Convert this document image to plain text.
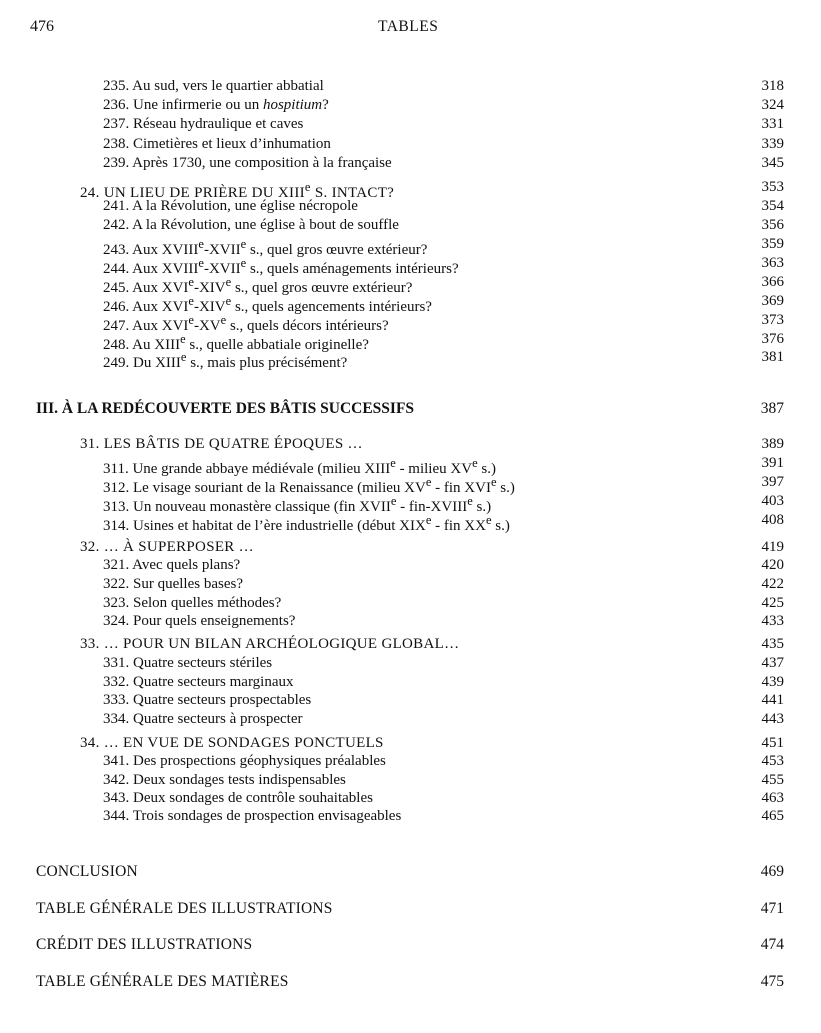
476	TABLES
235. Au sud, vers le quartier abbatial	318
236. Une infirmerie ou un hospitium?	324
237. Réseau hydraulique et caves	331
238. Cimetières et lieux d’inhumation	339
239. Après 1730, une composition à la française	345
24. UN LIEU DE PRIÈRE DU XIIIe S. INTACT?	353
241. A la Révolution, une église nécropole	354
242. A la Révolution, une église à bout de souffle	356
243. Aux XVIIIe-XVIIe s., quel gros œuvre extérieur?	359
244. Aux XVIIIe-XVIIe s., quels aménagements intérieurs?	363
245. Aux XVIe-XIVe s., quel gros œuvre extérieur?	366
246. Aux XVIe-XIVe s., quels agencements intérieurs?	369
247. Aux XVIe-XVe s., quels décors intérieurs?	373
248. Au XIIIe s., quelle abbatiale originelle?	376
249. Du XIIIe s., mais plus précisément?	381
III. À LA REDÉCOUVERTE DES BÂTIS SUCCESSIFS	387
31. LES BÂTIS DE QUATRE ÉPOQUES …	389
311. Une grande abbaye médiévale (milieu XIIIe - milieu XVe s.)	391
312. Le visage souriant de la Renaissance (milieu XVe - fin XVIe s.)	397
313. Un nouveau monastère classique (fin XVIIe - fin-XVIIIe s.)	403
314. Usines et habitat de l’ère industrielle (début XIXe - fin XXe s.)	408
32. … À SUPERPOSER …	419
321. Avec quels plans?	420
322. Sur quelles bases?	422
323. Selon quelles méthodes?	425
324. Pour quels enseignements?	433
33. … POUR UN BILAN ARCHÉOLOGIQUE GLOBAL…	435
331. Quatre secteurs stériles	437
332. Quatre secteurs marginaux	439
333. Quatre secteurs prospectables	441
334. Quatre secteurs à prospecter	443
34. … EN VUE DE SONDAGES PONCTUELS	451
341. Des prospections géophysiques préalables	453
342. Deux sondages tests indispensables	455
343. Deux sondages de contrôle souhaitables	463
344. Trois sondages de prospection envisageables	465
CONCLUSION	469
TABLE GÉNÉRALE DES ILLUSTRATIONS	471
CRÉDIT DES ILLUSTRATIONS	474
TABLE GÉNÉRALE DES MATIÈRES	475
